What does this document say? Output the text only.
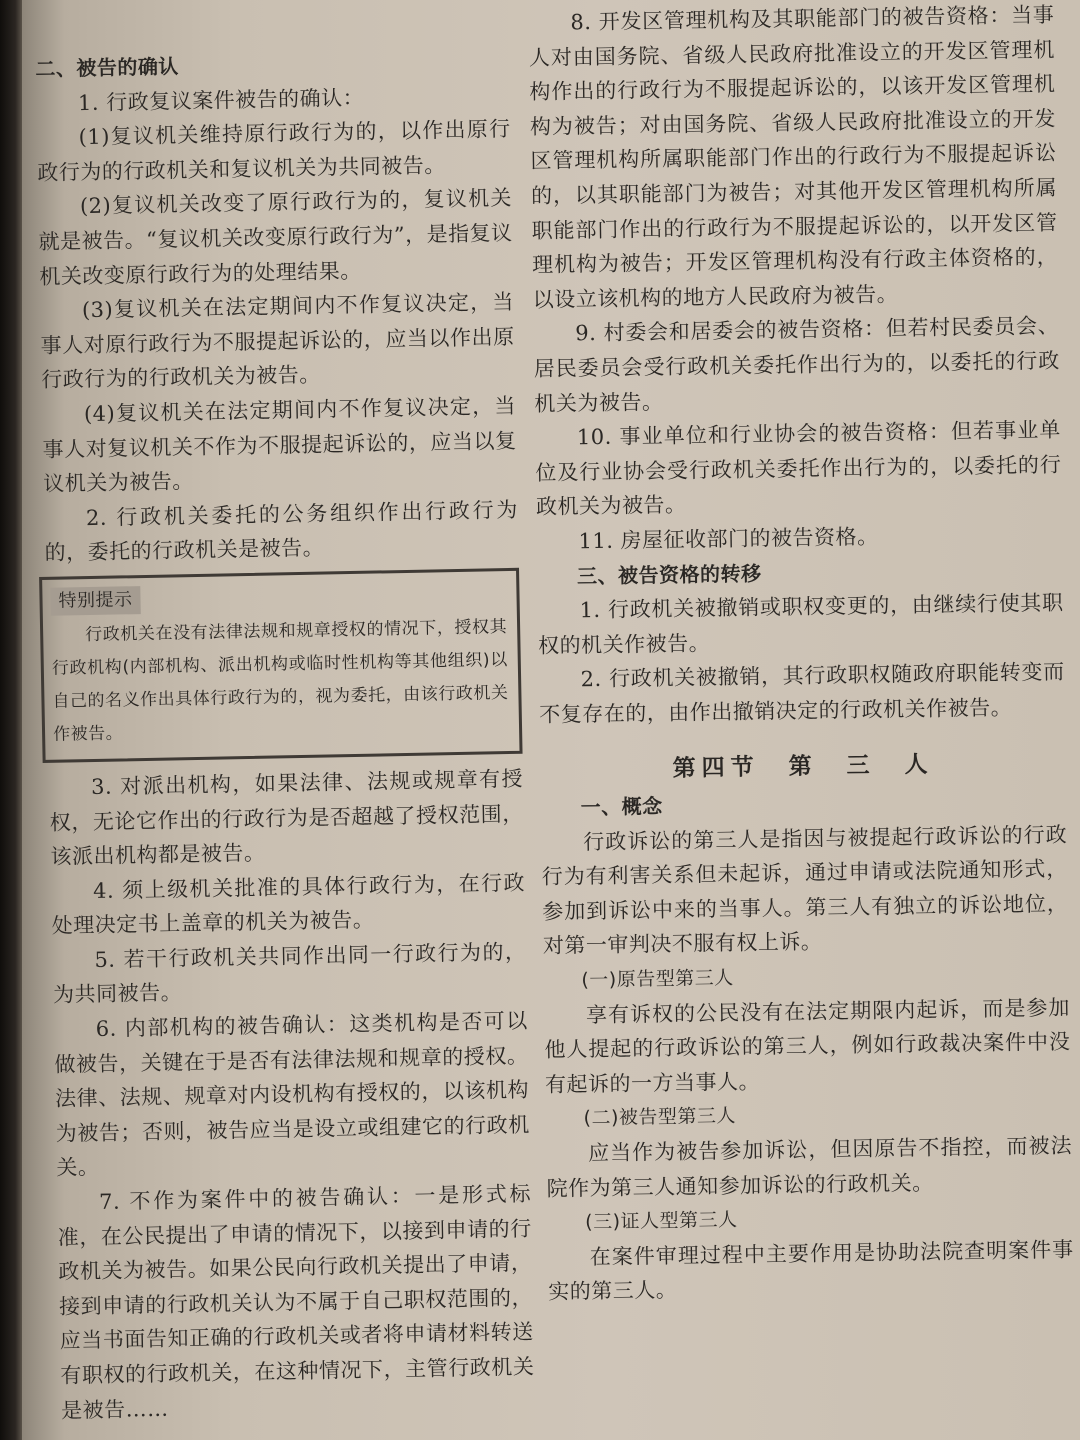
二、被告的确认

1. 行政复议案件被告的确认：

(1)复议机关维持原行政行为的，以作出原行政行为的行政机关和复议机关为共同被告。

(2)复议机关改变了原行政行为的，复议机关就是被告。“复议机关改变原行政行为”，是指复议机关改变原行政行为的处理结果。

(3)复议机关在法定期间内不作复议决定，当事人对原行政行为不服提起诉讼的，应当以作出原行政行为的行政机关为被告。

(4)复议机关在法定期间内不作复议决定，当事人对复议机关不作为不服提起诉讼的，应当以复议机关为被告。

2. 行政机关委托的公务组织作出行政行为的，委托的行政机关是被告。

特别提示

行政机关在没有法律法规和规章授权的情况下，授权其行政机构(内部机构、派出机构或临时性机构等其他组织)以自己的名义作出具体行政行为的，视为委托，由该行政机关作被告。

3. 对派出机构，如果法律、法规或规章有授权，无论它作出的行政行为是否超越了授权范围，该派出机构都是被告。

4. 须上级机关批准的具体行政行为，在行政处理决定书上盖章的机关为被告。

5. 若干行政机关共同作出同一行政行为的，为共同被告。

6. 内部机构的被告确认：这类机构是否可以做被告，关键在于是否有法律法规和规章的授权。法律、法规、规章对内设机构有授权的，以该机构为被告；否则，被告应当是设立或组建它的行政机关。

7. 不作为案件中的被告确认：一是形式标准，在公民提出了申请的情况下，以接到申请的行政机关为被告。如果公民向行政机关提出了申请，接到申请的行政机关认为不属于自己职权范围的，应当书面告知正确的行政机关或者将申请材料转送有职权的行政机关，在这种情况下，主管行政机关是被告……

8. 开发区管理机构及其职能部门的被告资格：当事人对由国务院、省级人民政府批准设立的开发区管理机构作出的行政行为不服提起诉讼的，以该开发区管理机构为被告；对由国务院、省级人民政府批准设立的开发区管理机构所属职能部门作出的行政行为不服提起诉讼的，以其职能部门为被告；对其他开发区管理机构所属职能部门作出的行政行为不服提起诉讼的，以开发区管理机构为被告；开发区管理机构没有行政主体资格的，以设立该机构的地方人民政府为被告。

9. 村委会和居委会的被告资格：但若村民委员会、居民委员会受行政机关委托作出行为的，以委托的行政机关为被告。

10. 事业单位和行业协会的被告资格：但若事业单位及行业协会受行政机关委托作出行为的，以委托的行政机关为被告。

11. 房屋征收部门的被告资格。

三、被告资格的转移

1. 行政机关被撤销或职权变更的，由继续行使其职权的机关作被告。

2. 行政机关被撤销，其行政职权随政府职能转变而不复存在的，由作出撤销决定的行政机关作被告。

第四节　第　三　人

一、概念

行政诉讼的第三人是指因与被提起行政诉讼的行政行为有利害关系但未起诉，通过申请或法院通知形式，参加到诉讼中来的当事人。第三人有独立的诉讼地位，对第一审判决不服有权上诉。

(一)原告型第三人

享有诉权的公民没有在法定期限内起诉，而是参加他人提起的行政诉讼的第三人，例如行政裁决案件中没有起诉的一方当事人。

(二)被告型第三人

应当作为被告参加诉讼，但因原告不指控，而被法院作为第三人通知参加诉讼的行政机关。

(三)证人型第三人

在案件审理过程中主要作用是协助法院查明案件事实的第三人。
